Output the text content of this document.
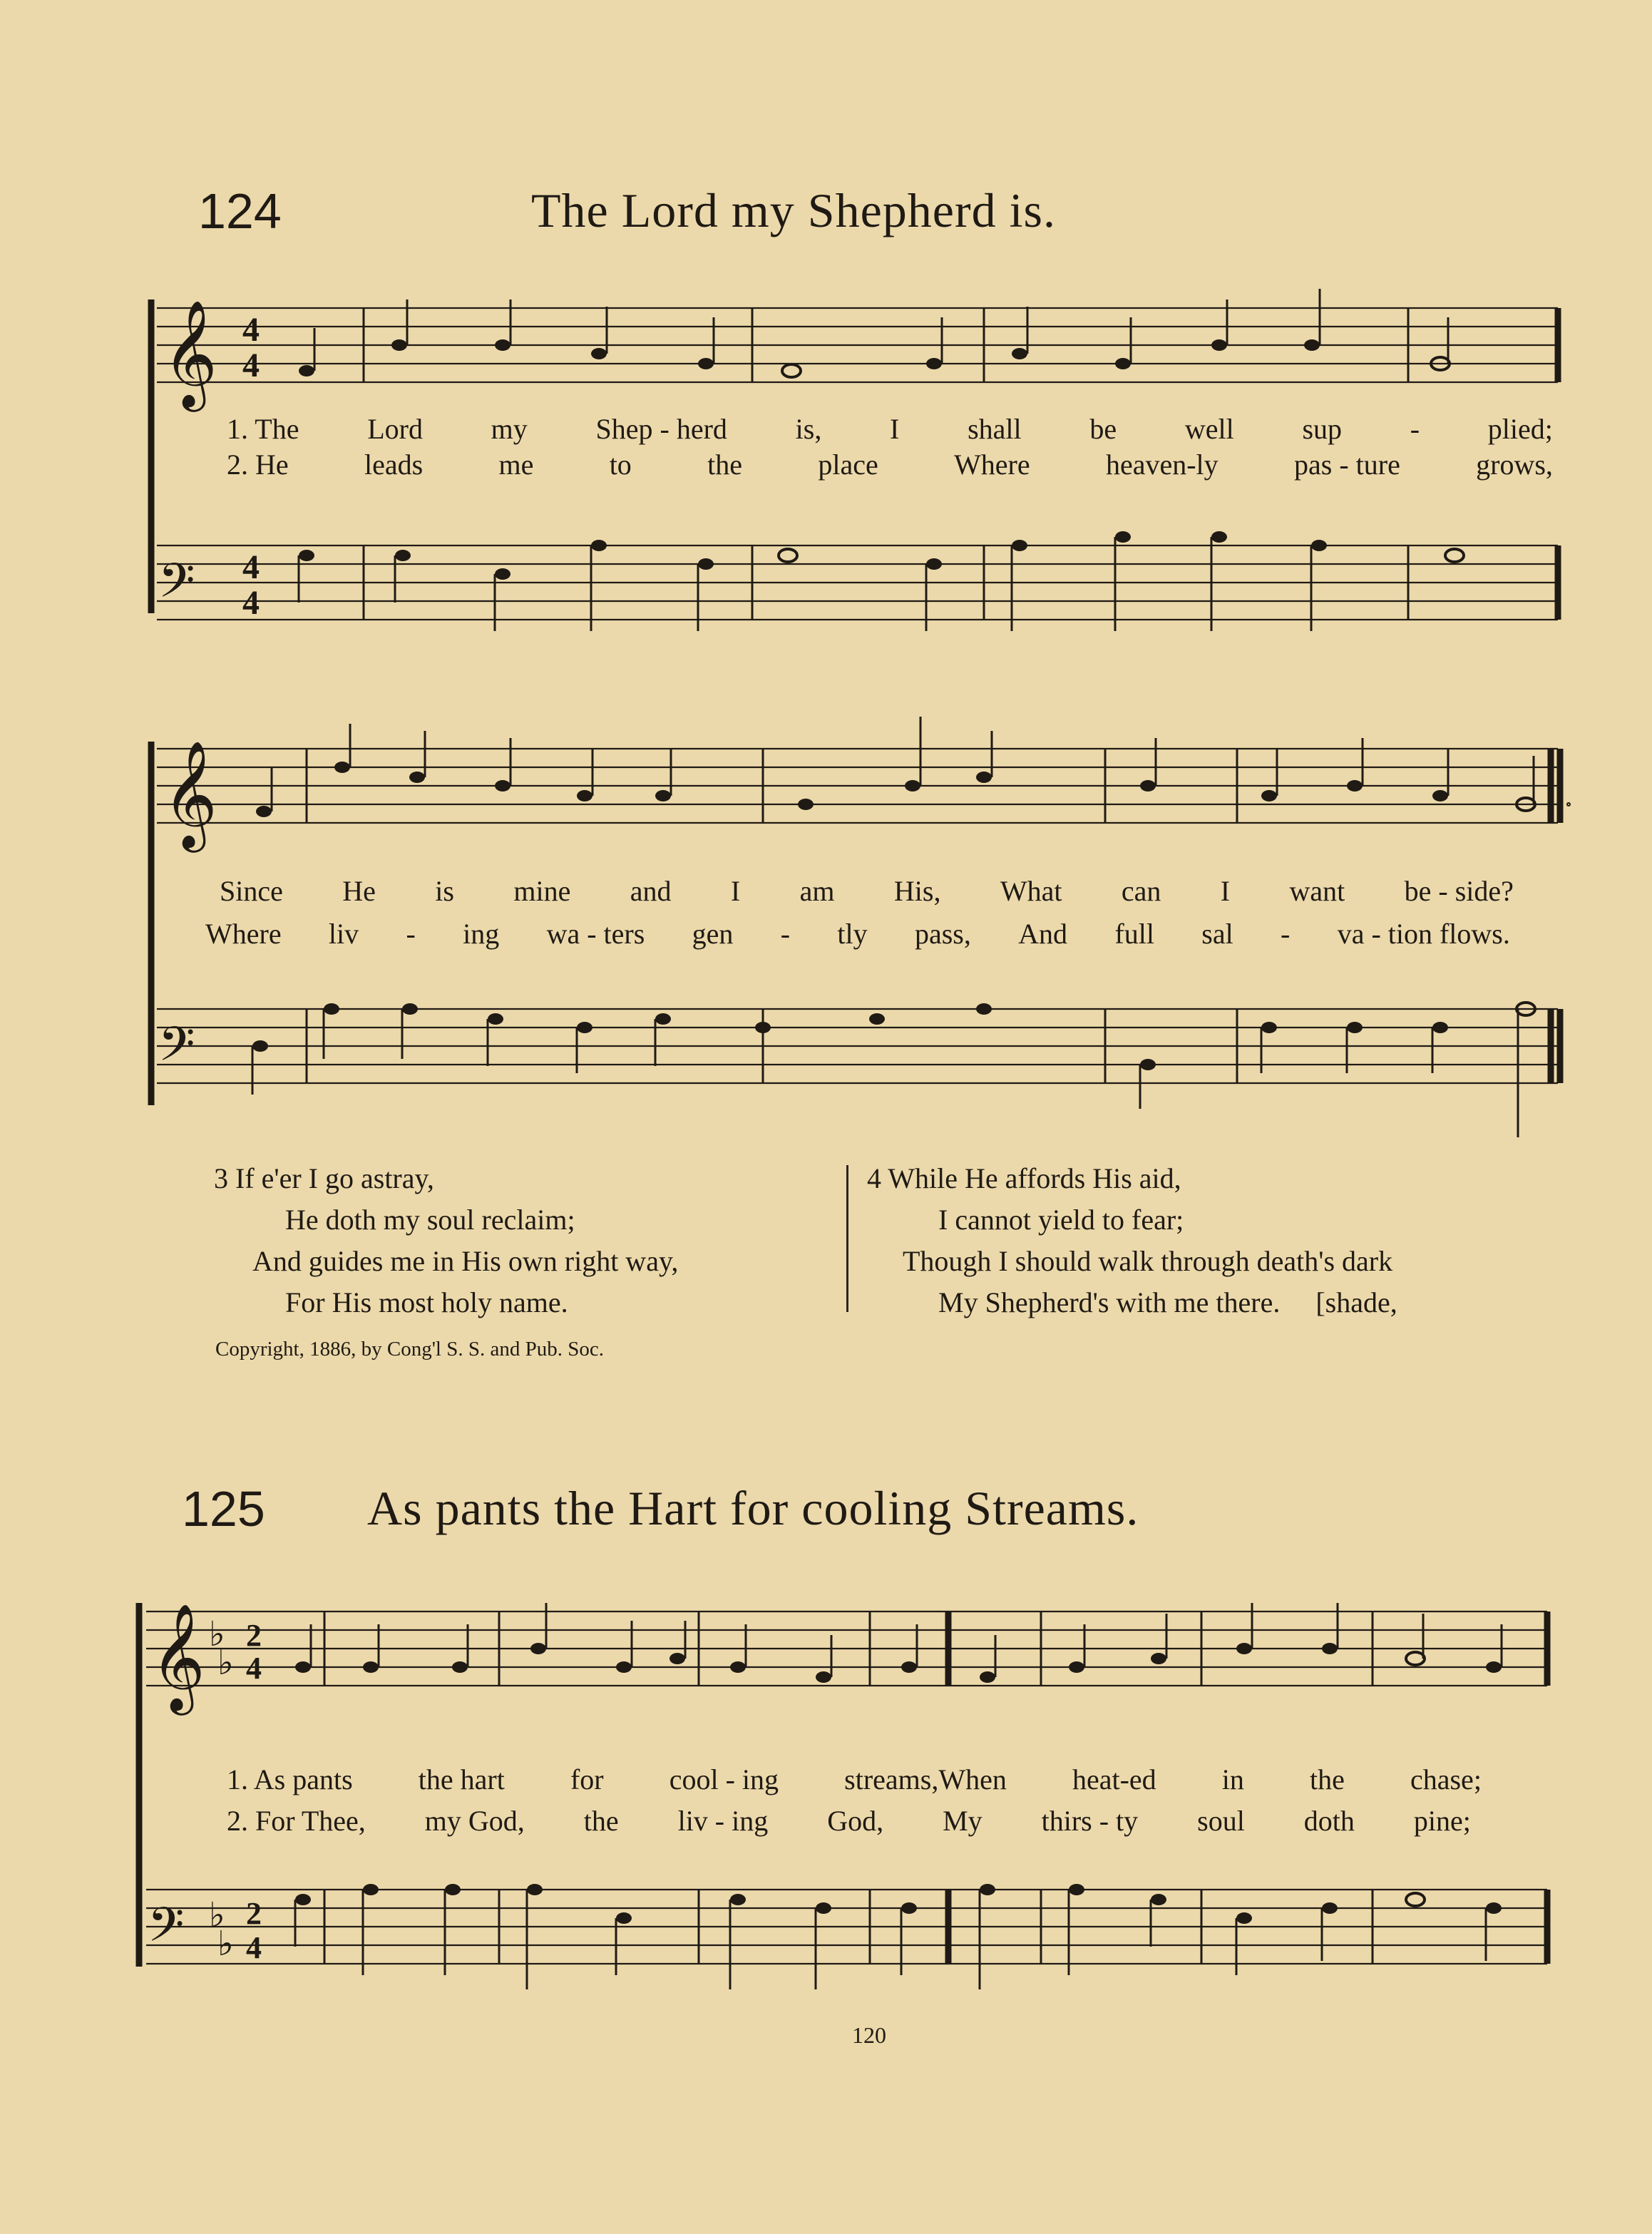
124	The Lord my Shepherd is.
𝄞 4
4
1. The Lord my Shep - herd is, I shall be well sup - plied;
2. He	leads	me	to	the	place	Where	heaven-ly	pas - ture	grows,
𝄢 4
4
𝄞
Since He is mine and I am His, What can I want be - side?
Where liv - ing wa - ters gen - tly pass, And full sal - va - tion flows.
𝄢
3 If e'er I go astray,
He doth my soul reclaim;
And guides me in His own right way,
For His most holy name.
4 While He affords His aid,
I cannot yield to fear;
Though I should walk through death's dark
My Shepherd's with me there.     [shade,
Copyright, 1886, by Cong'l S. S. and Pub. Soc.
125 As pants the Hart for cooling Streams.
𝄞 ♭
♭
2
4
1. As pants the hart for cool - ing streams,When heat-ed in the chase;
2. For Thee, my God, the liv - ing God, My thirs - ty soul doth pine;
𝄢 ♭
♭
2
4
120
